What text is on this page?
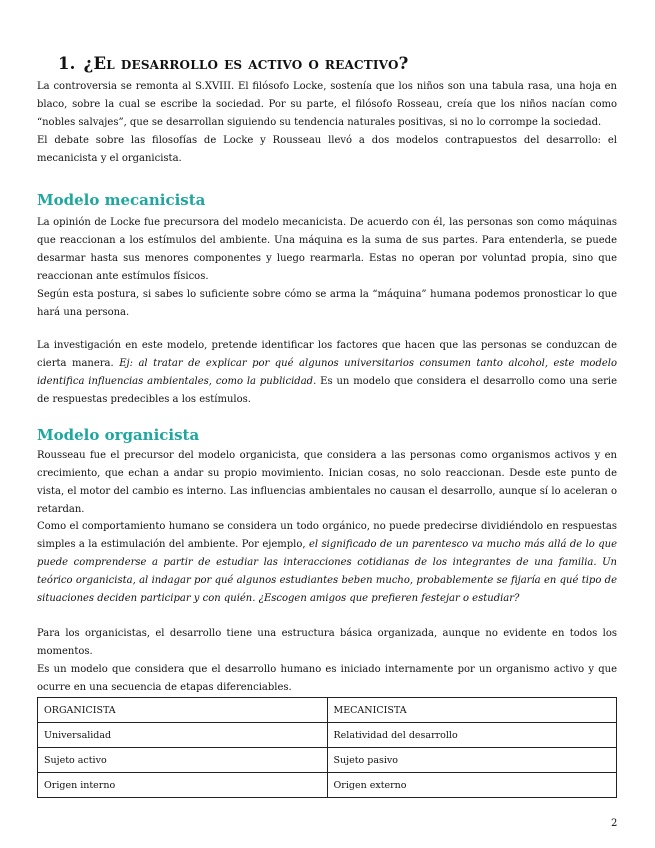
1. ¿El desarrollo es activo o reactivo?

La controversia se remonta al S.XVIII. El filósofo Locke, sostenía que los niños son una tabula rasa, una hoja en blaco, sobre la cual se escribe la sociedad. Por su parte, el filósofo Rosseau, creía que los niños nacían como “nobles salvajes”, que se desarrollan siguiendo su tendencia naturales positivas, si no lo corrompe la sociedad.

El debate sobre las filosofías de Locke y Rousseau llevó a dos modelos contrapuestos del desarrollo: el mecanicista y el organicista.

Modelo mecanicista

La opinión de Locke fue precursora del modelo mecanicista. De acuerdo con él, las personas son como máquinas que reaccionan a los estímulos del ambiente. Una máquina es la suma de sus partes. Para entenderla, se puede desarmar hasta sus menores componentes y luego rearmarla. Estas no operan por voluntad propia, sino que reaccionan ante estímulos físicos.

Según esta postura, si sabes lo suficiente sobre cómo se arma la “máquina” humana podemos pronosticar lo que hará una persona.

La investigación en este modelo, pretende identificar los factores que hacen que las personas se conduzcan de cierta manera. Ej: al tratar de explicar por qué algunos universitarios consumen tanto alcohol, este modelo identifica influencias ambientales, como la publicidad. Es un modelo que considera el desarrollo como una serie de respuestas predecibles a los estímulos.

Modelo organicista

Rousseau fue el precursor del modelo organicista, que considera a las personas como organismos activos y en crecimiento, que echan a andar su propio movimiento. Inician cosas, no solo reaccionan. Desde este punto de vista, el motor del cambio es interno. Las influencias ambientales no causan el desarrollo, aunque sí lo aceleran o retardan.

Como el comportamiento humano se considera un todo orgánico, no puede predecirse dividiéndolo en respuestas simples a la estimulación del ambiente. Por ejemplo, el significado de un parentesco va mucho más allá de lo que puede comprenderse a partir de estudiar las interacciones cotidianas de los integrantes de una familia. Un teórico organicista, al indagar por qué algunos estudiantes beben mucho, probablemente se fijaría en qué tipo de situaciones deciden participar y con quién. ¿Escogen amigos que prefieren festejar o estudiar?

Para los organicistas, el desarrollo tiene una estructura básica organizada, aunque no evidente en todos los momentos.

Es un modelo que considera que el desarrollo humano es iniciado internamente por un organismo activo y que ocurre en una secuencia de etapas diferenciables.

ORGANICISTA	MECANICISTA
Universalidad	Relatividad del desarrollo
Sujeto activo	Sujeto pasivo
Origen interno	Origen externo
2
